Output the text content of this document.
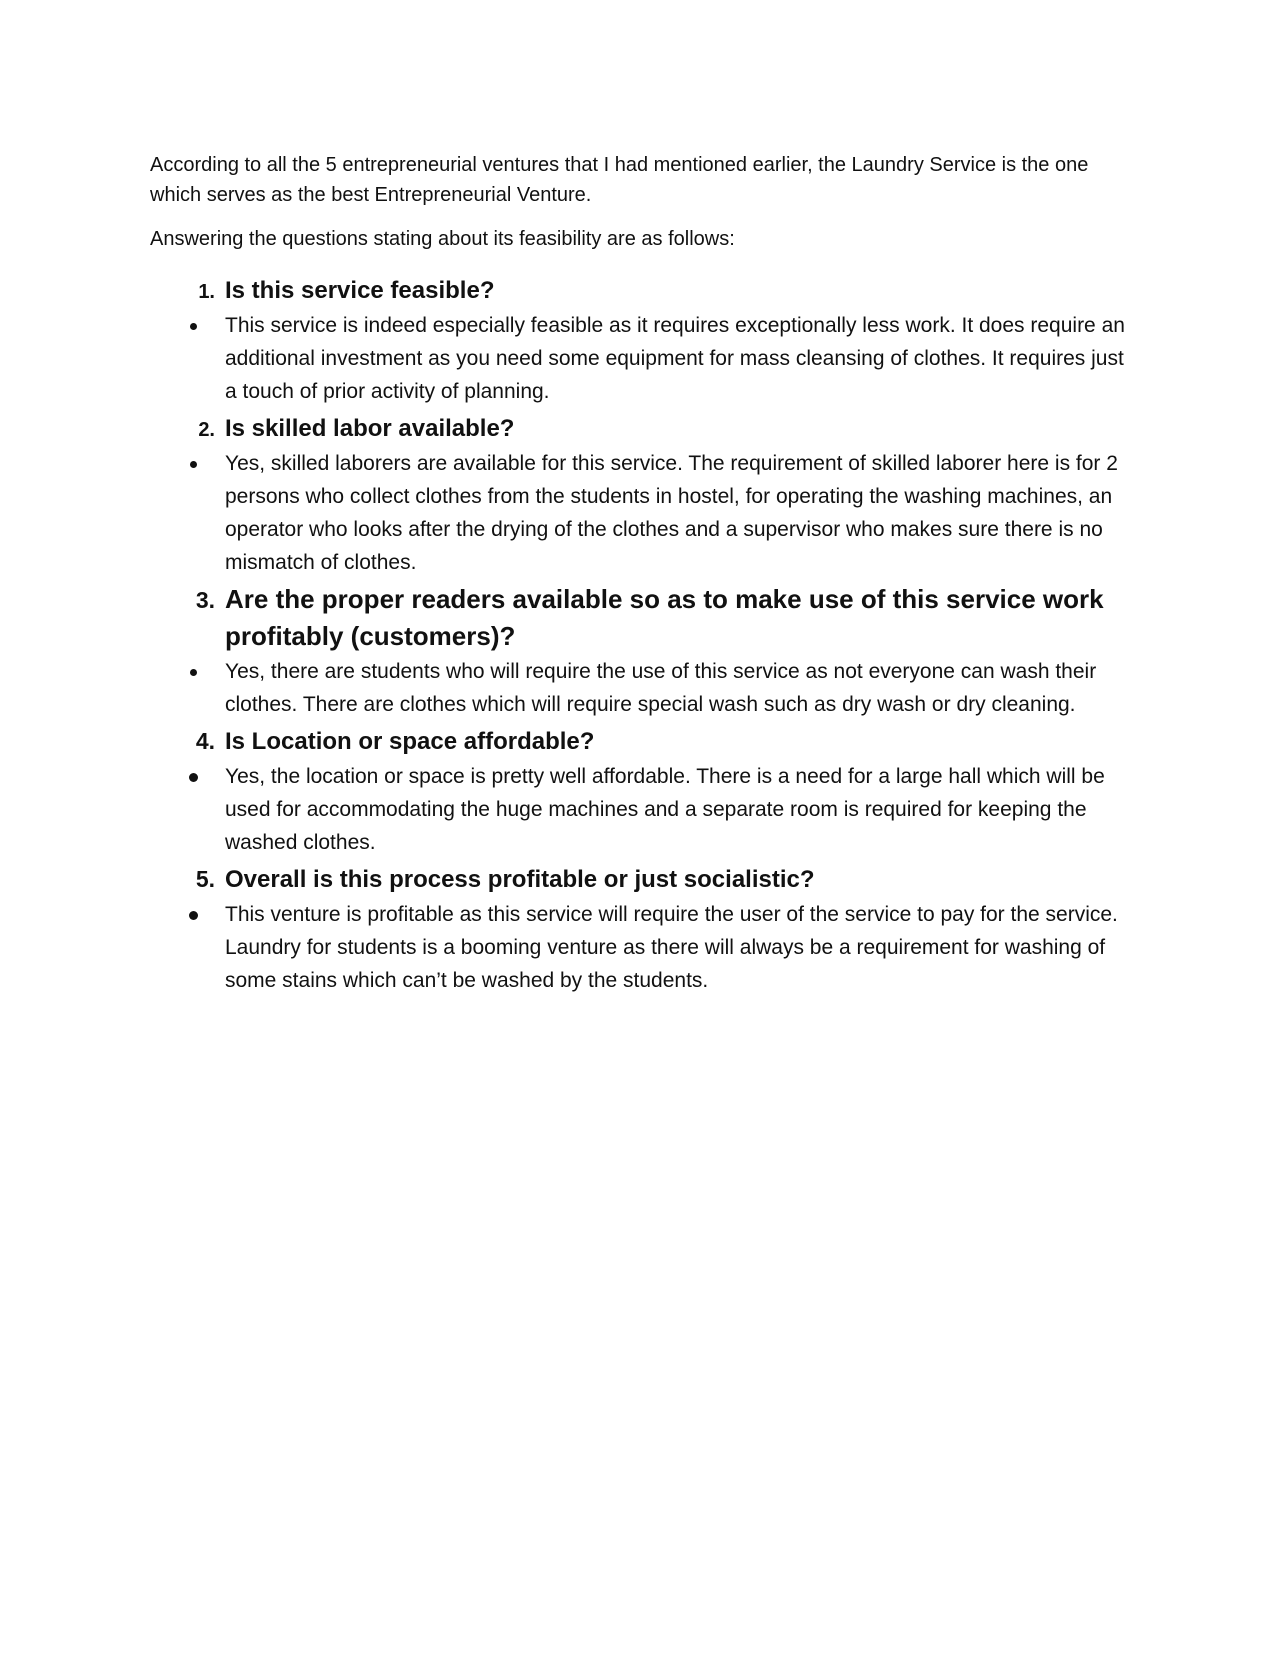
According to all the 5 entrepreneurial ventures that I had mentioned earlier, the Laundry Service is the one which serves as the best Entrepreneurial Venture.

Answering the questions stating about its feasibility are as follows:

1. Is this service feasible?
This service is indeed especially feasible as it requires exceptionally less work. It does require an additional investment as you need some equipment for mass cleansing of clothes. It requires just a touch of prior activity of planning.
2. Is skilled labor available?
Yes, skilled laborers are available for this service. The requirement of skilled laborer here is for 2 persons who collect clothes from the students in hostel, for operating the washing machines, an operator who looks after the drying of the clothes and a supervisor who makes sure there is no mismatch of clothes.
3. Are the proper readers available so as to make use of this service work profitably (customers)?
Yes, there are students who will require the use of this service as not everyone can wash their clothes. There are clothes which will require special wash such as dry wash or dry cleaning.
4. Is Location or space affordable?
Yes, the location or space is pretty well affordable. There is a need for a large hall which will be used for accommodating the huge machines and a separate room is required for keeping the washed clothes.
5. Overall is this process profitable or just socialistic?
This venture is profitable as this service will require the user of the service to pay for the service. Laundry for students is a booming venture as there will always be a requirement for washing of some stains which can’t be washed by the students.
